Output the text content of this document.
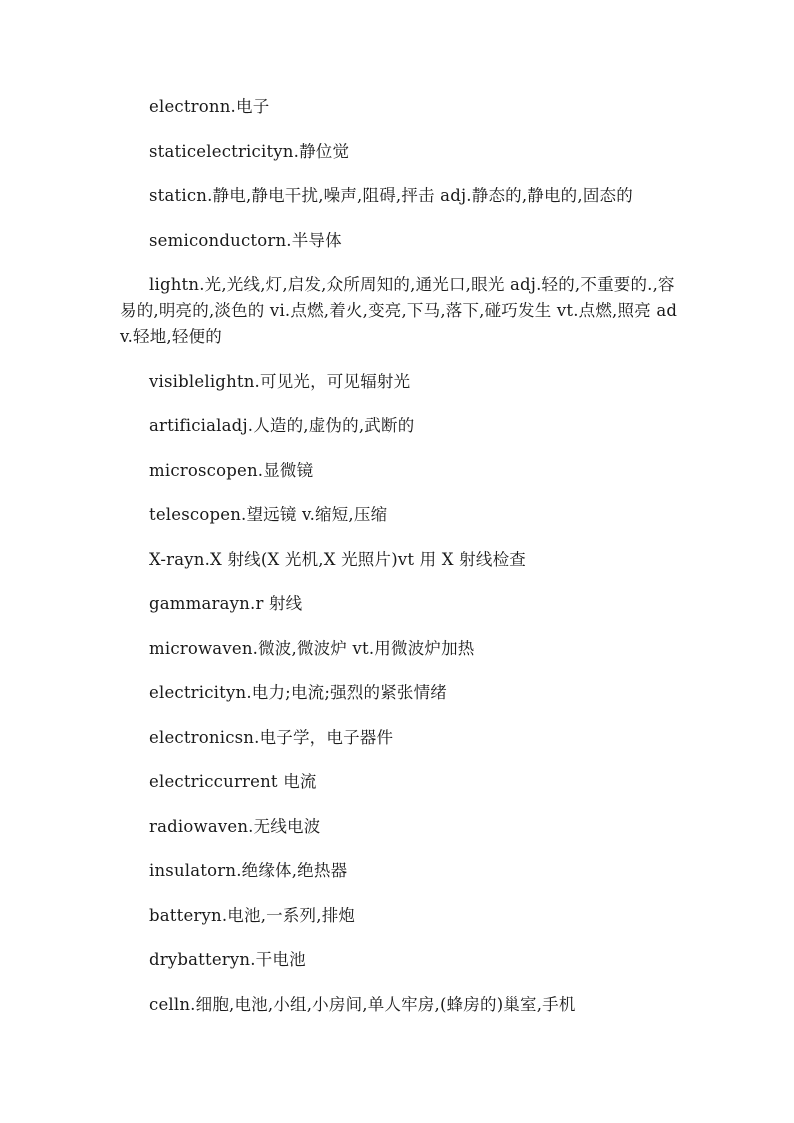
electronn.电子

staticelectricityn.静位觉

staticn.静电,静电干扰,噪声,阻碍,抨击 adj.静态的,静电的,固态的

semiconductorn.半导体

lightn.光,光线,灯,启发,众所周知的,通光口,眼光 adj.轻的,不重要的.,容易的,明亮的,淡色的 vi.点燃,着火,变亮,下马,落下,碰巧发生 vt.点燃,照亮 adv.轻地,轻便的

visiblelightn.可见光，可见辐射光

artificialadj.人造的,虚伪的,武断的

microscopen.显微镜

telescopen.望远镜 v.缩短,压缩

X-rayn.X 射线(X 光机,X 光照片)vt 用 X 射线检查

gammarayn.r 射线

microwaven.微波,微波炉 vt.用微波炉加热

electricityn.电力;电流;强烈的紧张情绪

electronicsn.电子学，电子器件

electriccurrent 电流

radiowaven.无线电波

insulatorn.绝缘体,绝热器

batteryn.电池,一系列,排炮

drybatteryn.干电池

celln.细胞,电池,小组,小房间,单人牢房,(蜂房的)巢室,手机
